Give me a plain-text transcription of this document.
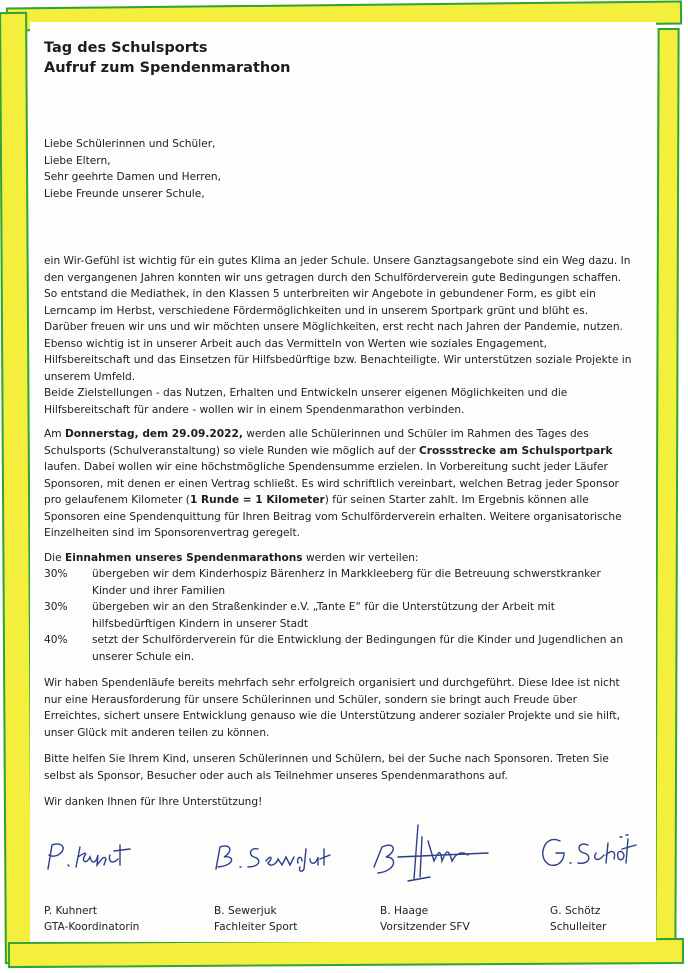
Tag des Schulsports
Aufruf zum Spendenmarathon
Liebe Schülerinnen und Schüler,
Liebe Eltern,
Sehr geehrte Damen und Herren,
Liebe Freunde unserer Schule,

ein Wir-Gefühl ist wichtig für ein gutes Klima an jeder Schule. Unsere Ganztagsangebote sind ein Weg dazu. In den vergangenen Jahren konnten wir uns getragen durch den Schulförderverein gute Bedingungen schaffen. So entstand die Mediathek, in den Klassen 5 unterbreiten wir Angebote in gebundener Form, es gibt ein Lerncamp im Herbst, verschiedene Fördermöglichkeiten und in unserem Sportpark grünt und blüht es. Darüber freuen wir uns und wir möchten unsere Möglichkeiten, erst recht nach Jahren der Pandemie, nutzen.

Ebenso wichtig ist in unserer Arbeit auch das Vermitteln von Werten wie soziales Engagement, Hilfsbereitschaft und das Einsetzen für Hilfsbedürftige bzw. Benachteiligte. Wir unterstützen soziale Projekte in unserem Umfeld.

Beide Zielstellungen - das Nutzen, Erhalten und Entwickeln unserer eigenen Möglichkeiten und die Hilfsbereitschaft für andere - wollen wir in einem Spendenmarathon verbinden.

Am Donnerstag, dem 29.09.2022, werden alle Schülerinnen und Schüler im Rahmen des Tages des Schulsports (Schulveranstaltung) so viele Runden wie möglich auf der Crossstrecke am Schulsportpark laufen. Dabei wollen wir eine höchstmögliche Spendensumme erzielen. In Vorbereitung sucht jeder Läufer Sponsoren, mit denen er einen Vertrag schließt. Es wird schriftlich vereinbart, welchen Betrag jeder Sponsor pro gelaufenem Kilometer (1 Runde = 1 Kilometer) für seinen Starter zahlt. Im Ergebnis können alle Sponsoren eine Spendenquittung für Ihren Beitrag vom Schulförderverein erhalten. Weitere organisatorische Einzelheiten sind im Sponsorenvertrag geregelt.

Die Einnahmen unseres Spendenmarathons werden wir verteilen:
30%	übergeben wir dem Kinderhospiz Bärenherz in Markkleeberg für die Betreuung schwerstkranker Kinder und ihrer Familien
30%	übergeben wir an den Straßenkinder e.V. „Tante E“ für die Unterstützung der Arbeit mit hilfsbedürftigen Kindern in unserer Stadt
40%	setzt der Schulförderverein für die Entwicklung der Bedingungen für die Kinder und Jugendlichen an unserer Schule ein.

Wir haben Spendenläufe bereits mehrfach sehr erfolgreich organisiert und durchgeführt. Diese Idee ist nicht nur eine Herausforderung für unsere Schülerinnen und Schüler, sondern sie bringt auch Freude über Erreichtes, sichert unsere Entwicklung genauso wie die Unterstützung anderer sozialer Projekte und sie hilft, unser Glück mit anderen teilen zu können.

Bitte helfen Sie Ihrem Kind, unseren Schülerinnen und Schülern, bei der Suche nach Sponsoren. Treten Sie selbst als Sponsor, Besucher oder auch als Teilnehmer unseres Spendenmarathons auf.

Wir danken Ihnen für Ihre Unterstützung!

P. Kuhnert
GTA-Koordinatorin
B. Sewerjuk
Fachleiter Sport
B. Haage
Vorsitzender SFV
G. Schötz
Schulleiter
